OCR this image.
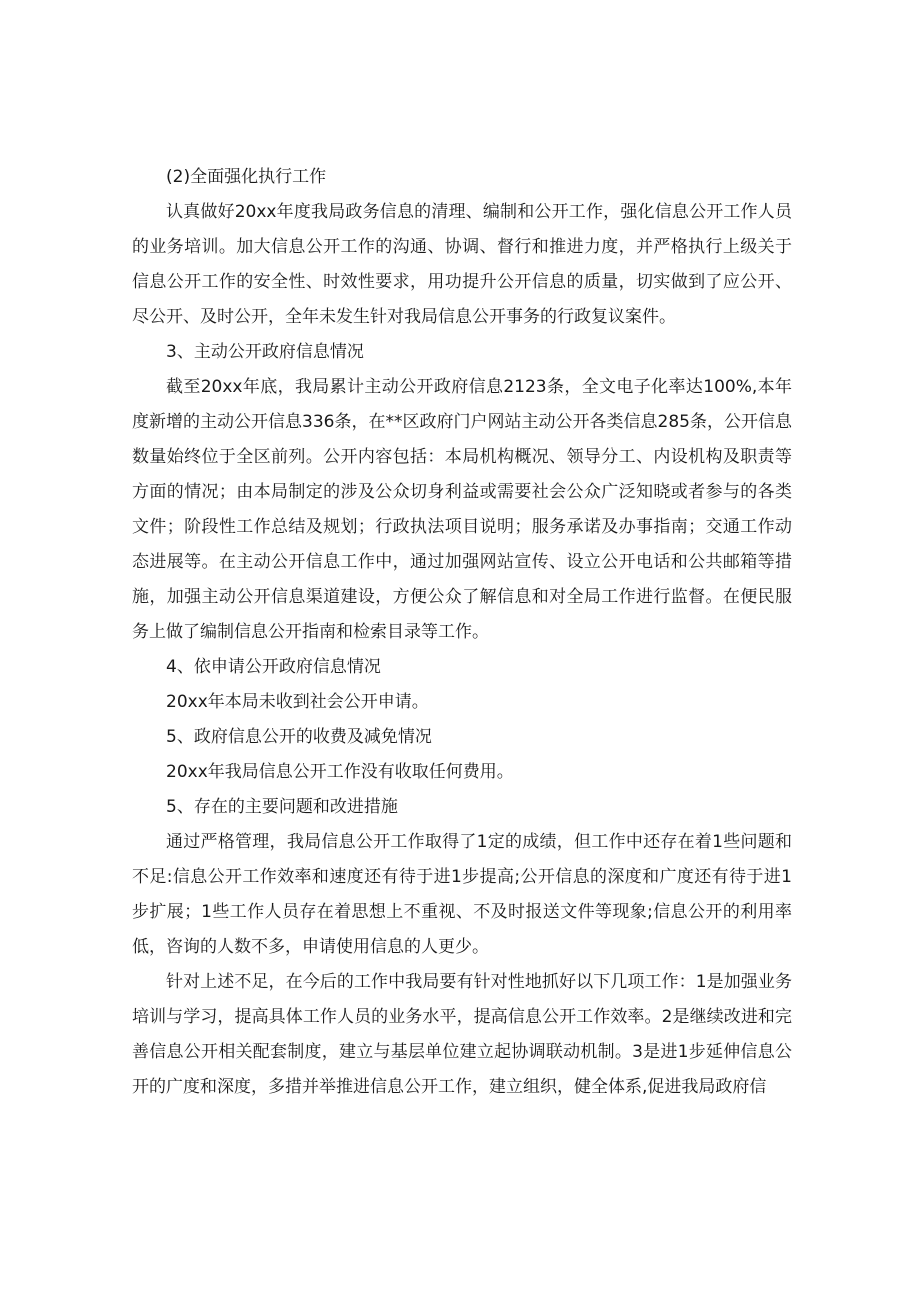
(2)全面强化执行工作

认真做好20xx年度我局政务信息的清理、编制和公开工作，强化信息公开工作人员的业务培训。加大信息公开工作的沟通、协调、督行和推进力度，并严格执行上级关于信息公开工作的安全性、时效性要求，用功提升公开信息的质量，切实做到了应公开、尽公开、及时公开，全年未发生针对我局信息公开事务的行政复议案件。

3、主动公开政府信息情况

截至20xx年底，我局累计主动公开政府信息2123条，全文电子化率达100%,本年度新增的主动公开信息336条，在**区政府门户网站主动公开各类信息285条，公开信息数量始终位于全区前列。公开内容包括：本局机构概况、领导分工、内设机构及职责等方面的情况；由本局制定的涉及公众切身利益或需要社会公众广泛知晓或者参与的各类文件；阶段性工作总结及规划；行政执法项目说明；服务承诺及办事指南；交通工作动态进展等。在主动公开信息工作中，通过加强网站宣传、设立公开电话和公共邮箱等措施，加强主动公开信息渠道建设，方便公众了解信息和对全局工作进行监督。在便民服务上做了编制信息公开指南和检索目录等工作。

4、依申请公开政府信息情况

20xx年本局未收到社会公开申请。

5、政府信息公开的收费及减免情况

20xx年我局信息公开工作没有收取任何费用。

5、存在的主要问题和改进措施

通过严格管理，我局信息公开工作取得了1定的成绩，但工作中还存在着1些问题和不足:信息公开工作效率和速度还有待于进1步提高;公开信息的深度和广度还有待于进1步扩展；1些工作人员存在着思想上不重视、不及时报送文件等现象;信息公开的利用率低，咨询的人数不多，申请使用信息的人更少。

针对上述不足，在今后的工作中我局要有针对性地抓好以下几项工作：1是加强业务培训与学习，提高具体工作人员的业务水平，提高信息公开工作效率。2是继续改进和完善信息公开相关配套制度，建立与基层单位建立起协调联动机制。3是进1步延伸信息公开的广度和深度，多措并举推进信息公开工作，建立组织，健全体系,促进我局政府信
